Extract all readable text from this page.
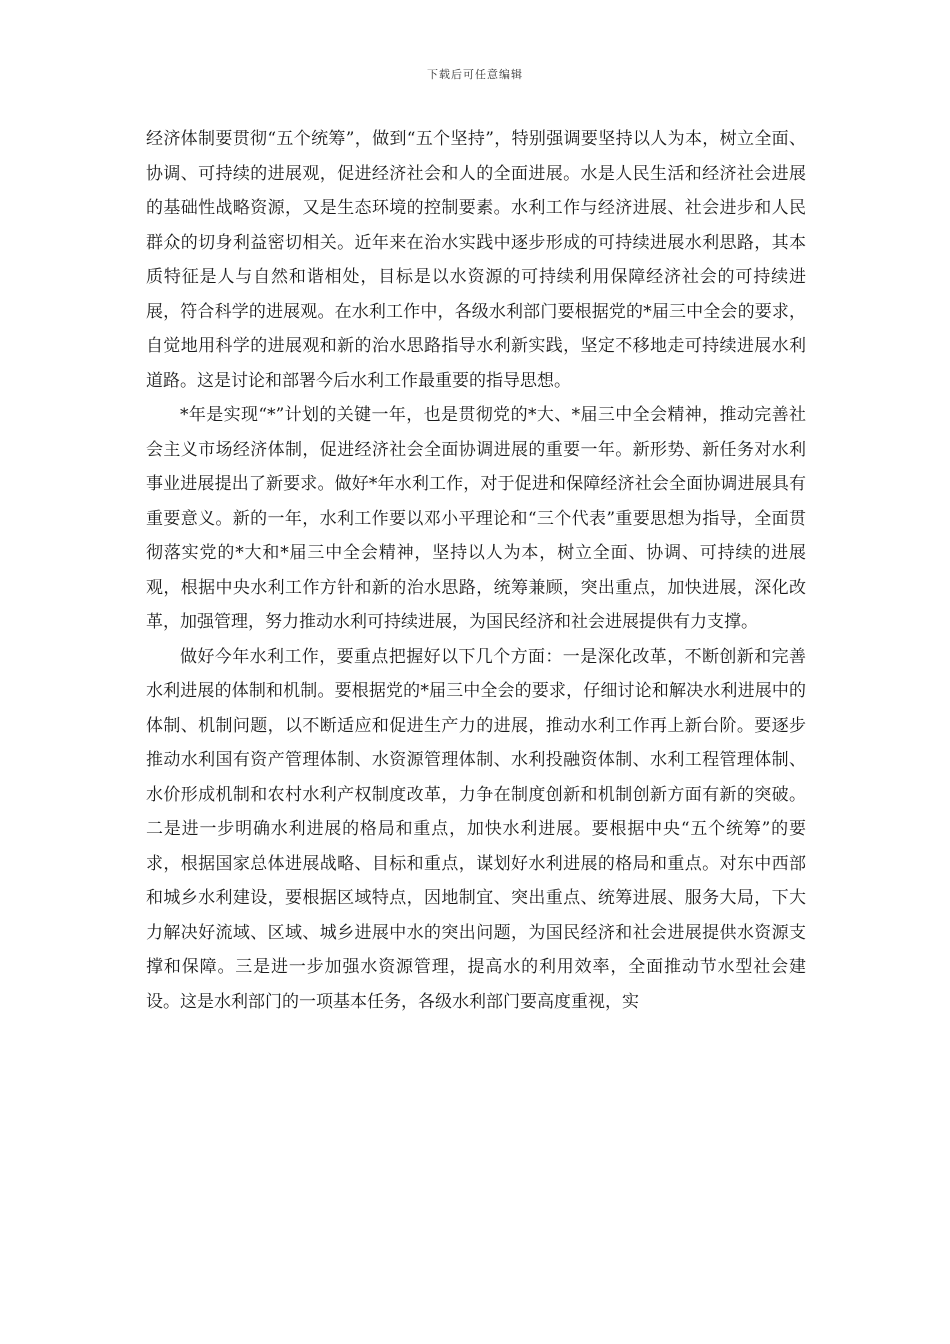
下载后可任意编辑

经济体制要贯彻“五个统筹”，做到“五个坚持”，特别强调要坚持以人为本，树立全面、协调、可持续的进展观，促进经济社会和人的全面进展。水是人民生活和经济社会进展的基础性战略资源，又是生态环境的控制要素。水利工作与经济进展、社会进步和人民群众的切身利益密切相关。近年来在治水实践中逐步形成的可持续进展水利思路，其本质特征是人与自然和谐相处，目标是以水资源的可持续利用保障经济社会的可持续进展，符合科学的进展观。在水利工作中，各级水利部门要根据党的*届三中全会的要求，自觉地用科学的进展观和新的治水思路指导水利新实践，坚定不移地走可持续进展水利道路。这是讨论和部署今后水利工作最重要的指导思想。

*年是实现“*”计划的关键一年，也是贯彻党的*大、*届三中全会精神，推动完善社会主义市场经济体制，促进经济社会全面协调进展的重要一年。新形势、新任务对水利事业进展提出了新要求。做好*年水利工作，对于促进和保障经济社会全面协调进展具有重要意义。新的一年，水利工作要以邓小平理论和“三个代表”重要思想为指导，全面贯彻落实党的*大和*届三中全会精神，坚持以人为本，树立全面、协调、可持续的进展观，根据中央水利工作方针和新的治水思路，统筹兼顾，突出重点，加快进展，深化改革，加强管理，努力推动水利可持续进展，为国民经济和社会进展提供有力支撑。

做好今年水利工作，要重点把握好以下几个方面：一是深化改革，不断创新和完善水利进展的体制和机制。要根据党的*届三中全会的要求，仔细讨论和解决水利进展中的体制、机制问题，以不断适应和促进生产力的进展，推动水利工作再上新台阶。要逐步推动水利国有资产管理体制、水资源管理体制、水利投融资体制、水利工程管理体制、水价形成机制和农村水利产权制度改革，力争在制度创新和机制创新方面有新的突破。二是进一步明确水利进展的格局和重点，加快水利进展。要根据中央“五个统筹”的要求，根据国家总体进展战略、目标和重点，谋划好水利进展的格局和重点。对东中西部和城乡水利建设，要根据区域特点，因地制宜、突出重点、统筹进展、服务大局，下大力解决好流域、区域、城乡进展中水的突出问题，为国民经济和社会进展提供水资源支撑和保障。三是进一步加强水资源管理，提高水的利用效率，全面推动节水型社会建设。这是水利部门的一项基本任务，各级水利部门要高度重视，实
